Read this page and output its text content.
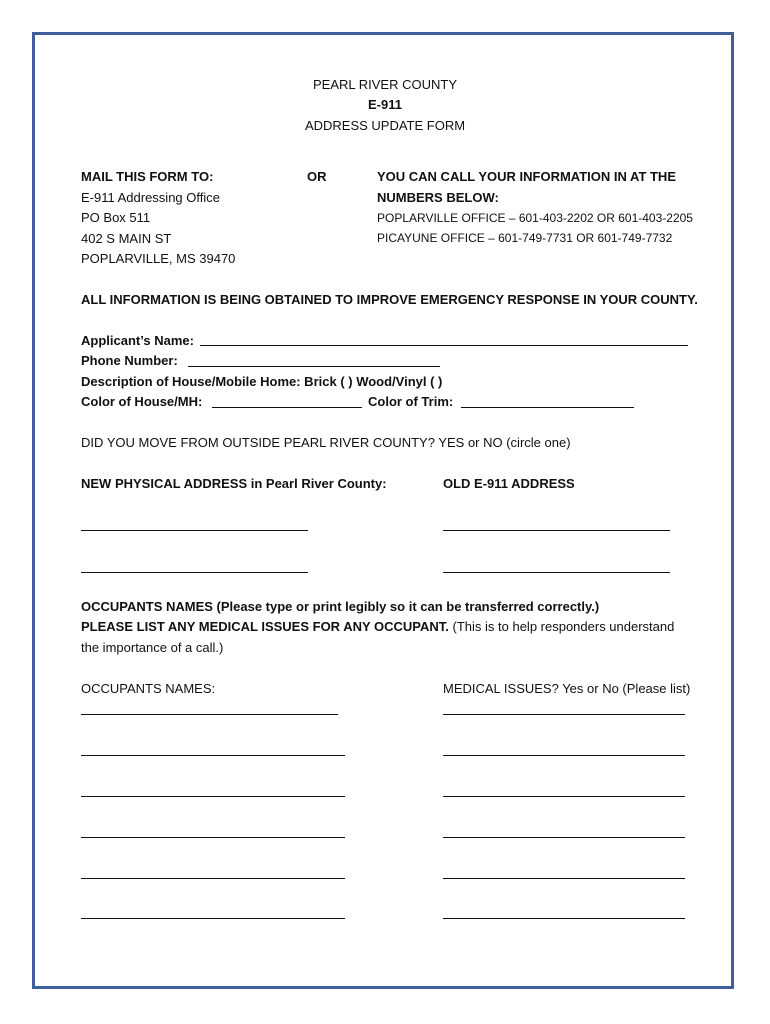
PEARL RIVER COUNTY
E-911
ADDRESS UPDATE FORM
MAIL THIS FORM TO:
E-911 Addressing Office
PO Box 511
402 S MAIN ST
POPLARVILLE, MS 39470
OR	YOU CAN CALL YOUR INFORMATION IN AT THE
NUMBERS BELOW:
POPLARVILLE OFFICE – 601-403-2202 OR 601-403-2205
PICAYUNE OFFICE – 601-749-7731 OR 601-749-7732
ALL INFORMATION IS BEING OBTAINED TO IMPROVE EMERGENCY RESPONSE IN YOUR COUNTY.
Applicant’s Name:
Phone Number:
Description of House/Mobile Home: Brick ( ) Wood/Vinyl ( )
Color of House/MH:	Color of Trim:
DID YOU MOVE FROM OUTSIDE PEARL RIVER COUNTY? YES or NO (circle one)
NEW PHYSICAL ADDRESS in Pearl River County:	OLD E-911 ADDRESS
OCCUPANTS NAMES (Please type or print legibly so it can be transferred correctly.)
PLEASE LIST ANY MEDICAL ISSUES FOR ANY OCCUPANT. (This is to help responders understand
the importance of a call.)
OCCUPANTS NAMES:	MEDICAL ISSUES? Yes or No (Please list)
